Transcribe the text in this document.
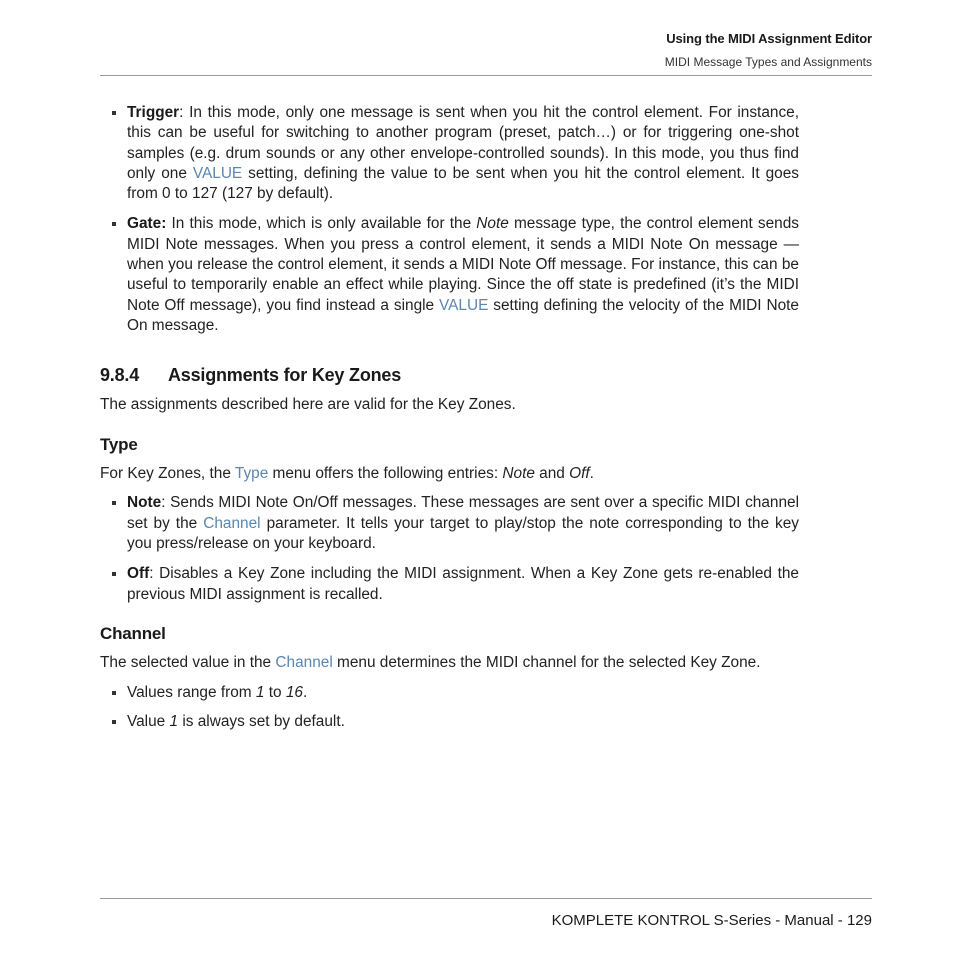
Using the MIDI Assignment Editor
MIDI Message Types and Assignments
Trigger: In this mode, only one message is sent when you hit the control element. For instance, this can be useful for switching to another program (preset, patch…) or for triggering one-shot samples (e.g. drum sounds or any other envelope-controlled sounds). In this mode, you thus find only one VALUE setting, defining the value to be sent when you hit the control element. It goes from 0 to 127 (127 by default).
Gate: In this mode, which is only available for the Note message type, the control element sends MIDI Note messages. When you press a control element, it sends a MIDI Note On message — when you release the control element, it sends a MIDI Note Off message. For instance, this can be useful to temporarily enable an effect while playing. Since the off state is predefined (it’s the MIDI Note Off message), you find instead a single VALUE setting defining the velocity of the MIDI Note On message.
9.8.4 Assignments for Key Zones

The assignments described here are valid for the Key Zones.

Type

For Key Zones, the Type menu offers the following entries: Note and Off.

Note: Sends MIDI Note On/Off messages. These messages are sent over a specific MIDI channel set by the Channel parameter. It tells your target to play/stop the note corresponding to the key you press/release on your keyboard.
Off: Disables a Key Zone including the MIDI assignment. When a Key Zone gets re-enabled the previous MIDI assignment is recalled.
Channel

The selected value in the Channel menu determines the MIDI channel for the selected Key Zone.

Values range from 1 to 16.
Value 1 is always set by default.
KOMPLETE KONTROL S-Series - Manual - 129
